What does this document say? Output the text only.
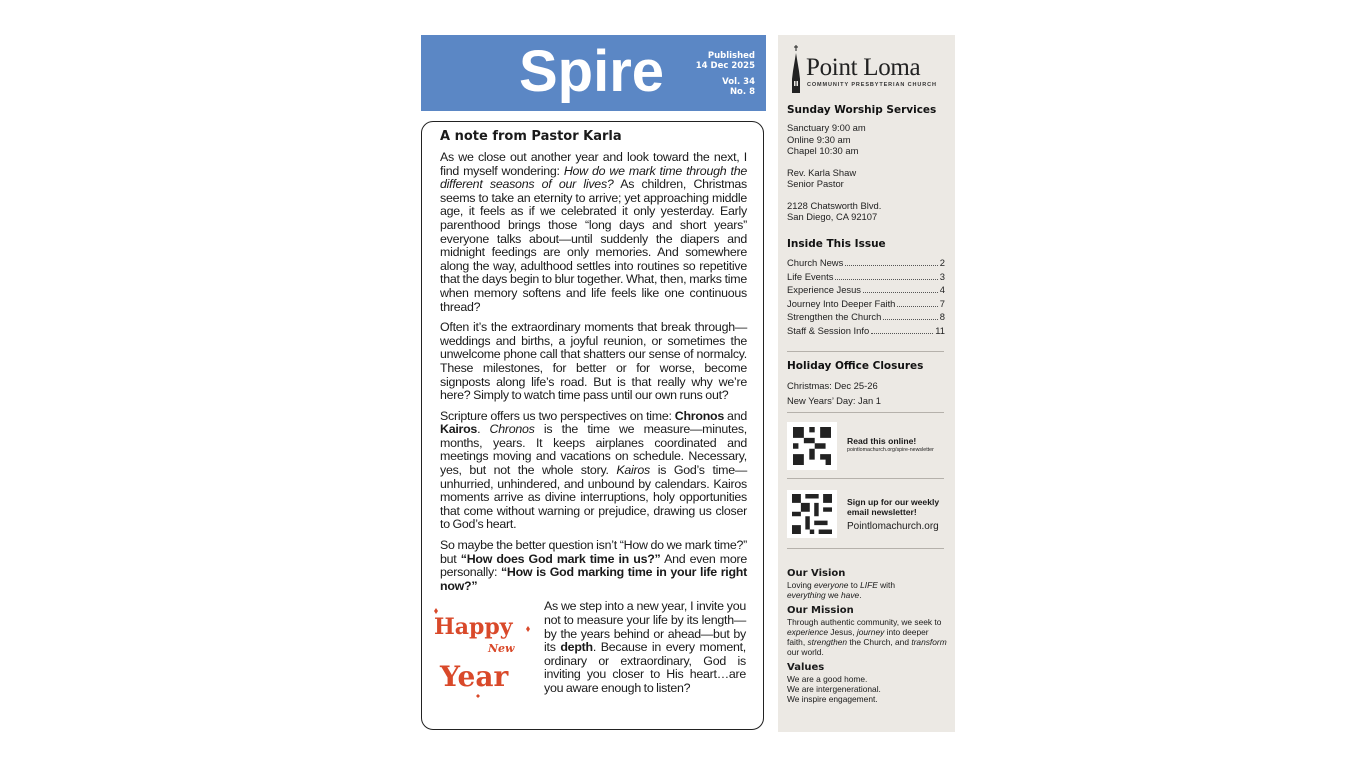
Spire	Published
14 Dec 2025
Vol. 34
No. 8
A note from Pastor Karla

As we close out another year and look toward the next, I find myself wondering: How do we mark time through the different seasons of our lives? As children, Christmas seems to take an eternity to arrive; yet approaching middle age, it feels as if we celebrated it only yesterday. Early parenthood brings those “long days and short years” everyone talks about—until suddenly the diapers and midnight feedings are only memories. And somewhere along the way, adulthood settles into routines so repetitive that the days begin to blur together. What, then, marks time when memory softens and life feels like one continuous thread?

Often it’s the extraordinary moments that break through—weddings and births, a joyful reunion, or sometimes the unwelcome phone call that shatters our sense of normalcy. These milestones, for better or for worse, become signposts along life’s road. But is that really why we’re here? Simply to watch time pass until our own runs out?

Scripture offers us two perspectives on time: Chronos and Kairos. Chronos is the time we measure—minutes, months, years. It keeps airplanes coordinated and meetings moving and vacations on schedule. Necessary, yes, but not the whole story. Kairos is God’s time—unhurried, unhindered, and unbound by calendars. Kairos moments arrive as divine interruptions, holy opportunities that come without warning or prejudice, drawing us closer to God’s heart.

So maybe the better question isn’t “How do we mark time?” but “How does God mark time in us?” And even more personally: “How is God marking time in your life right now?”

Happy
New
Year
As we step into a new year, I invite you not to measure your life by its length—by the years behind or ahead—but by its depth. Because in every moment, ordinary or extraordinary, God is inviting you closer to His heart…are you aware enough to listen?
Point Loma
COMMUNITY PRESBYTERIAN CHURCH
Sunday Worship Services
Sanctuary 9:00 am
Online 9:30 am
Chapel 10:30 am
Rev. Karla Shaw
Senior Pastor
2128 Chatsworth Blvd.
San Diego, CA 92107
Inside This Issue
Church News	2
Life Events	3
Experience Jesus	4
Journey Into Deeper Faith	7
Strengthen the Church	8
Staff & Session Info	11
Holiday Office Closures
Christmas: Dec 25-26
New Years’ Day: Jan 1
Read this online!
pointlomachurch.org/spire-newsletter
Sign up for our weekly
email newsletter!
Pointlomachurch.org
Our Vision
Loving everyone to LIFE with everything we have.
Our Mission
Through authentic community, we seek to experience Jesus, journey into deeper faith, strengthen the Church, and transform our world.
Values
We are a good home.
We are intergenerational.
We inspire engagement.
